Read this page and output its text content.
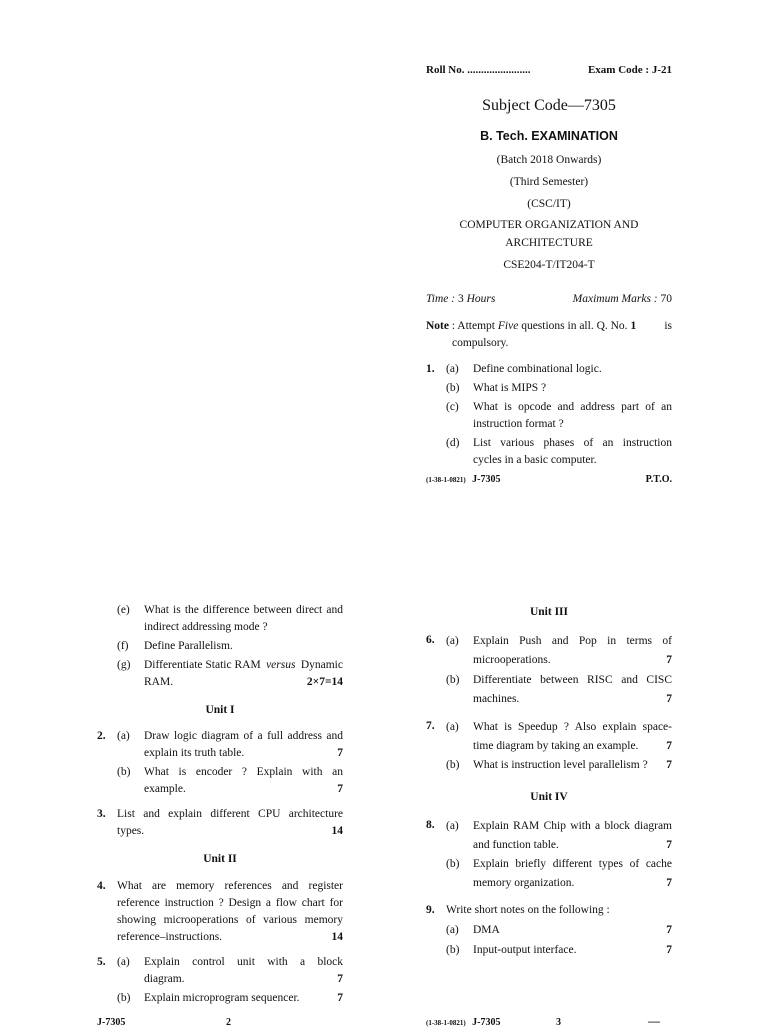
Roll No. .......................	Exam Code : J-21
Subject Code—7305
B. Tech. EXAMINATION
(Batch 2018 Onwards)
(Third Semester)
(CSC/IT)
COMPUTER ORGANIZATION AND
ARCHITECTURE
CSE204-T/IT204-T
Time : 3 Hours	Maximum Marks : 70
Note : Attempt Five questions in all. Q. No. 1 is
compulsory.
1. (a) Define combinational logic.
(b) What is MIPS ?
(c) What is opcode and address part of an
instruction format ?
(d) List various phases of an instruction
cycles in a basic computer.
(1-38-1-0821) J-7305	P.T.O.
(e) What is the difference between direct and
indirect addressing mode ?
(f) Define Parallelism.
(g) Differentiate Static RAM versus Dynamic
RAM.	2×7=14
Unit I
2. (a) Draw logic diagram of a full address and
explain its truth table.	7
(b) What is encoder ? Explain with an
example.	7
3. List and explain different CPU architecture
types.	14
Unit II
4. What are memory references and register
reference instruction ? Design a flow chart for
showing microoperations of various memory
reference–instructions.	14
5. (a) Explain control unit with a block
diagram.	7
(b) Explain microprogram sequencer.	7
J-7305	2
Unit III
6. (a) Explain Push and Pop in terms of
microoperations.	7
(b) Differentiate between RISC and CISC
machines.	7
7. (a) What is Speedup ? Also explain space-
time diagram by taking an example. 7
(b) What is instruction level parallelism ? 7
Unit IV
8. (a) Explain RAM Chip with a block diagram
and function table.	7
(b) Explain briefly different types of cache
memory organization.	7
9. Write short notes on the following :
(a) DMA	7
(b) Input-output interface.	7
(1-38-1-0821) J-7305	3	—
